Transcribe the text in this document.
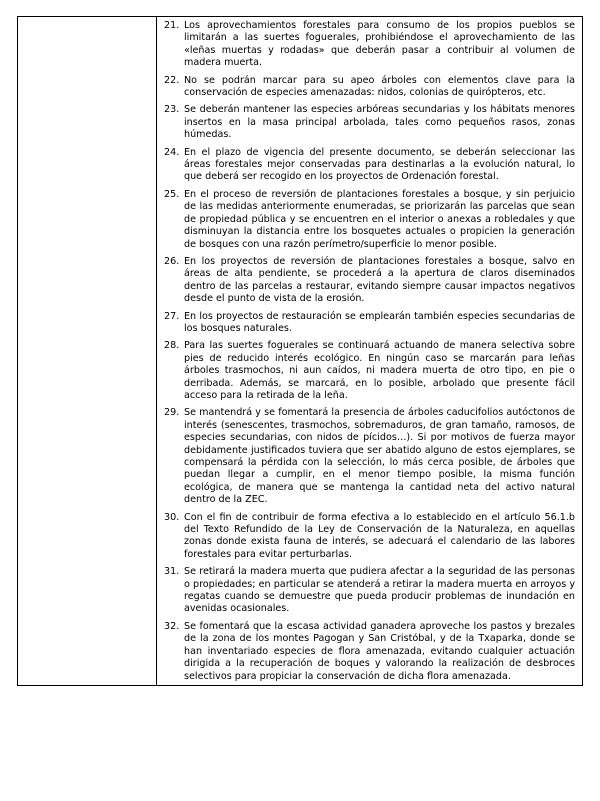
21. Los aprovechamientos forestales para consumo de los propios pueblos se limitarán a las suertes foguerales, prohibiéndose el aprovechamiento de las «leñas muertas y rodadas» que deberán pasar a contribuir al volumen de madera muerta.
22. No se podrán marcar para su apeo árboles con elementos clave para la conservación de especies amenazadas: nidos, colonias de quirópteros, etc.
23. Se deberán mantener las especies arbóreas secundarias y los hábitats menores insertos en la masa principal arbolada, tales como pequeños rasos, zonas húmedas.
24. En el plazo de vigencia del presente documento, se deberán seleccionar las áreas forestales mejor conservadas para destinarlas a la evolución natural, lo que deberá ser recogido en los proyectos de Ordenación forestal.
25. En el proceso de reversión de plantaciones forestales a bosque, y sin perjuicio de las medidas anteriormente enumeradas, se priorizarán las parcelas que sean de propiedad pública y se encuentren en el interior o anexas a robledales y que disminuyan la distancia entre los bosquetes actuales o propicien la generación de bosques con una razón perímetro/superficie lo menor posible.
26. En los proyectos de reversión de plantaciones forestales a bosque, salvo en áreas de alta pendiente, se procederá a la apertura de claros diseminados dentro de las parcelas a restaurar, evitando siempre causar impactos negativos desde el punto de vista de la erosión.
27. En los proyectos de restauración se emplearán también especies secundarias de los bosques naturales.
28. Para las suertes foguerales se continuará actuando de manera selectiva sobre pies de reducido interés ecológico. En ningún caso se marcarán para leñas árboles trasmochos, ni aun caídos, ni madera muerta de otro tipo, en pie o derribada. Además, se marcará, en lo posible, arbolado que presente fácil acceso para la retirada de la leña.
29. Se mantendrá y se fomentará la presencia de árboles caducifolios autóctonos de interés (senescentes, trasmochos, sobremaduros, de gran tamaño, ramosos, de especies secundarias, con nidos de pícidos…). Si por motivos de fuerza mayor debidamente justificados tuviera que ser abatido alguno de estos ejemplares, se compensará la pérdida con la selección, lo más cerca posible, de árboles que puedan llegar a cumplir, en el menor tiempo posible, la misma función ecológica, de manera que se mantenga la cantidad neta del activo natural dentro de la ZEC.
30. Con el fin de contribuir de forma efectiva a lo establecido en el artículo 56.1.b del Texto Refundido de la Ley de Conservación de la Naturaleza, en aquellas zonas donde exista fauna de interés, se adecuará el calendario de las labores forestales para evitar perturbarlas.
31. Se retirará la madera muerta que pudiera afectar a la seguridad de las personas o propiedades; en particular se atenderá a retirar la madera muerta en arroyos y regatas cuando se demuestre que pueda producir problemas de inundación en avenidas ocasionales.
32. Se fomentará que la escasa actividad ganadera aproveche los pastos y brezales de la zona de los montes Pagogan y San Cristóbal, y de la Txaparka, donde se han inventariado especies de flora amenazada, evitando cualquier actuación dirigida a la recuperación de boques y valorando la realización de desbroces selectivos para propiciar la conservación de dicha flora amenazada.
